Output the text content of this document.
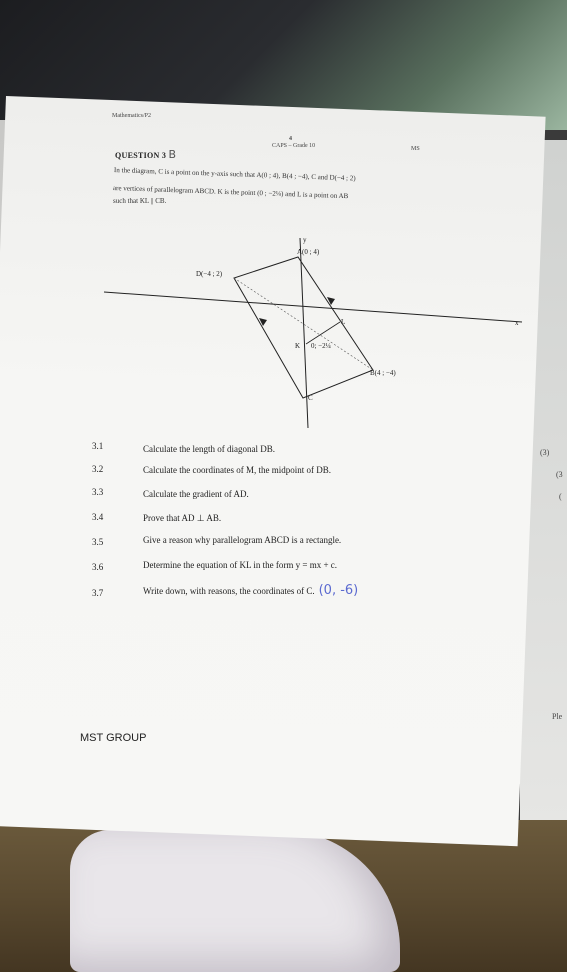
Mathematics/P2
4
CAPS – Grade 10	MS
QUESTION 3 B
In the diagram, C is a point on the y-axis such that A(0 ; 4), B(4 ; −4), C and D(−4 ; 2)
are vertices of parallelogram ABCD. K is the point (0 ; −2¼) and L is a point on AB
such that KL || CB.
y
x
A(0 ; 4)
D(−4 ; 2)
L
K 0; −2¼
B(4 ; −4)
C
3.1	Calculate the length of diagonal DB.	(3)
3.2	Calculate the coordinates of M, the midpoint of DB.	(3
3.3	Calculate the gradient of AD.	(
3.4	Prove that AD ⊥ AB.
3.5	Give a reason why parallelogram ABCD is a rectangle.
3.6	Determine the equation of KL in the form y = mx + c.
3.7	Write down, with reasons, the coordinates of C. (0, -6)
MST GROUP
Ple
